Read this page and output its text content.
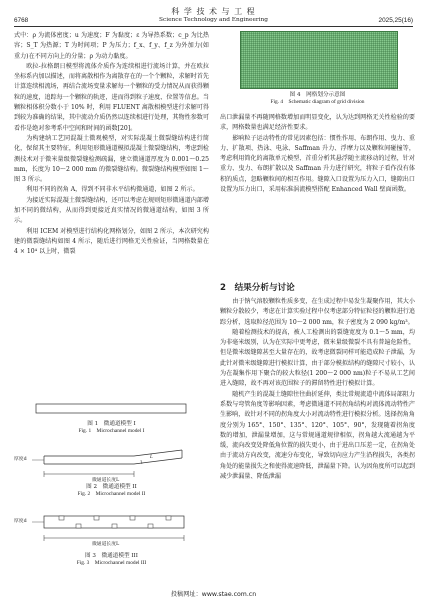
6768
科 学 技 术 与 工 程
Science Technology and Engineering	2025,25(16)

式中：ρ 为流体密度；u 为速度；F 为黏度；ε 为导热系数；c_p 为比热容；S_T 为热源；T 为时间项；P 为压力；f_x、f_y、f_z 为外加力(如重力)在不同方向上的分量；ρ 为动力黏度。

欧拉-拉格朗日模型将流体介质作为连续相进行流场计算，并在欧拉坐标系内加以描述，而将离散相作为离散存在的一个个颗粒，求解时首先计算连续相流场，再结合流场变量求解每一个颗粒的受力情况从而获得颗粒的速度，追踪每一个颗粒的轨迹，进而得到粒子速度、位置等信息。当颗粒相体积分数小于 10% 时，利用 FLUENT 离散相模型进行求解可得到较为准确的结果，其中流动介质仍然以连续相进行处理，其物性参数可看作是绝对参考系中空间和时间的函数[20]。

为构建纳工艺同混凝土微观模型，对实际混凝土微裂缝结构进行简化，保留其主要特征，利用矩形微通道模拟混凝土微裂缝结构，考虑到检测技术对于微米量级微裂缝检测疏漏，建立微通道厚度为 0.001～0.25 mm，长度为 10～2 000 mm 的微裂缝结构。微裂缝结构模型如图 1～图 3 所示。

利用不同的拐角 A，得到不同非水平结构微通道，如图 2 所示。

为接近实际混凝土微裂缝结构，还可以考虑在规则矩形微通道内部增加不同的微结构，从而得到更接近真实情况的微通道结构，如图 3 所示。

利用 ICEM 对模型进行结构化网格划分，如图 2 所示，本次研究构建的微裂缝结构如图 4 所示，随后进行网格无关性验证，当网格数量在 4 × 10⁴ 以上时，微裂

图 1　微通道模型 I
Fig. 1　Microchannel model I
厚度d	L
微通道长度L
图 2　微通道模型 II
Fig. 2　Microchannel model II
厚度d
微通道长度L
图 3　微通道模型 III
Fig. 3　Microchannel model III
图 4　网格划分示意图
Fig. 4　Schematic diagram of grid division

出口泄漏量不再随网格数增加而明显变化，认为达到网格无关性检验的要求，网格数量也满足经济性要求。

影响粒子运动特性的常见因素包括：惯性作用、布朗作用、曳力、重力、扩散项、热泳、电泳、Saffman 升力、浮摩力以及颗粒间碰撞等，考虑利用简化的离散单元模型，首重分析其悬浮随主流移动的过程，针对重力、曳力、布朗扩散以及 Saffman 升力进行研究，将粒子看作没有体积的质点，忽略颗粒间的相互作用。缝隙入口设置为压力入口，缝隙出口设置为压力出口，采用标准涡流模型搭配 Enhanced Wall 壁面函数。

2　结果分析与讨论

由于钠气溶胶颗粒性质多变，在生成过程中易发生凝聚作用，其大小颗粒分散较少，考虑在计算实验过程中仅考虑部分特征粒径的颗粒进行追踪分析，选取粒径范围为 10～2 000 nm，粒子密度为 2 090 kg/m³。

随着检测技术的提高，被人工检测出的裂缝宽度为 0.1～5 mm，均为非毫米级别，认为在实际中更考虑，微米量级微裂不具有普遍危险性，但是微米级缝隙甚至大量存在的，故考虑微裂同样可能造成粒子泄漏，为此针对微米级缝隙进行模拟计算，由于部分模拟结构的缝隙尺寸较小，认为在凝集作用下聚合的较大粒径(1 200～2 000 nm)粒子不易从工艺间进入缝隙，故不再对该范围粒子的滞留特性进行模拟计算。

随机产生的混凝土缝隙往往曲折延伸，类比常规流道中流体局部阻力系数与弯管角度等影响因素，考虑微通道不同拐角结构对流体流动特性产生影响，故针对不同的拐角度大小对流动特性进行模拟分析。选择拐角角度分别为 165°、150°、135°、120°、105°、90°，发现随着拐角度数的增加，泄漏量增加，这与常规通道规律相似，拐角越大流通越为平缓，流向改变处降低角位置的损失更小，由于进出口压差一定，在拐角处由于流动方向改变，流速分布变化，导致切向应力产生沿程损失，各类拐角处的能量损失之和使得流速降低，泄漏量下降。认为因角度所可以起到减少泄漏量、降低泄漏

投稿网址：www.stae.com.cn
